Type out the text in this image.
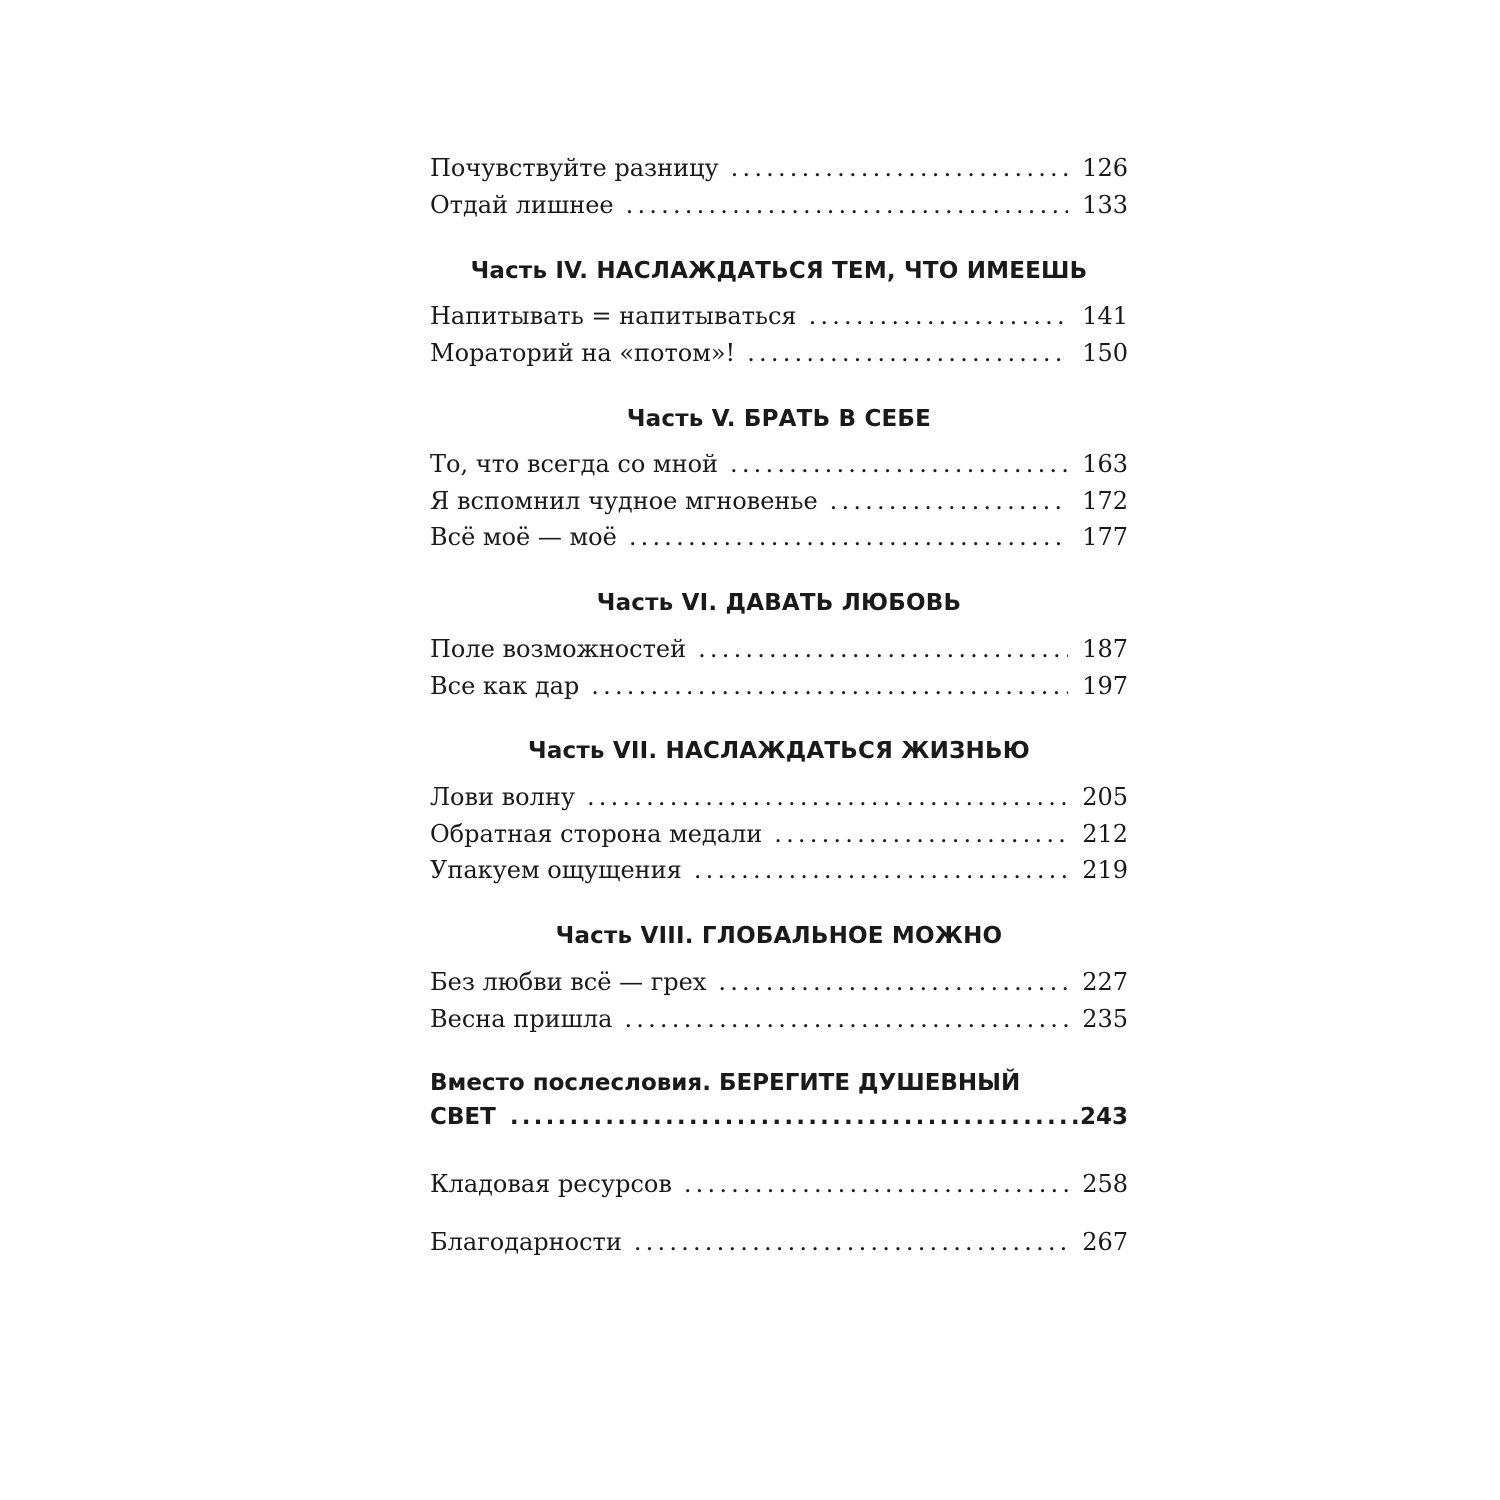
Почувствуйте разницу .....	126
Отдай лишнее .....	133
Часть IV. НАСЛАЖДАТЬСЯ ТЕМ, ЧТО ИМЕЕШЬ
Напитывать = напитываться .....	141
Мораторий на «потом»! .....	150
Часть V. БРАТЬ В СЕБЕ
То, что всегда со мной .....	163
Я вспомнил чудное мгновенье .....	172
Всё моё — моё .....	177
Часть VI. ДАВАТЬ ЛЮБОВЬ
Поле возможностей .....	187
Все как дар .....	197
Часть VII. НАСЛАЖДАТЬСЯ ЖИЗНЬЮ
Лови волну .....	205
Обратная сторона медали .....	212
Упакуем ощущения .....	219
Часть VIII. ГЛОБАЛЬНОЕ МОЖНО
Без любви всё — грех .....	227
Весна пришла .....	235
Вместо послесловия. БЕРЕГИТЕ ДУШЕВНЫЙ
СВЕТ .....	243
Кладовая ресурсов .....	258
Благодарности .....	267
